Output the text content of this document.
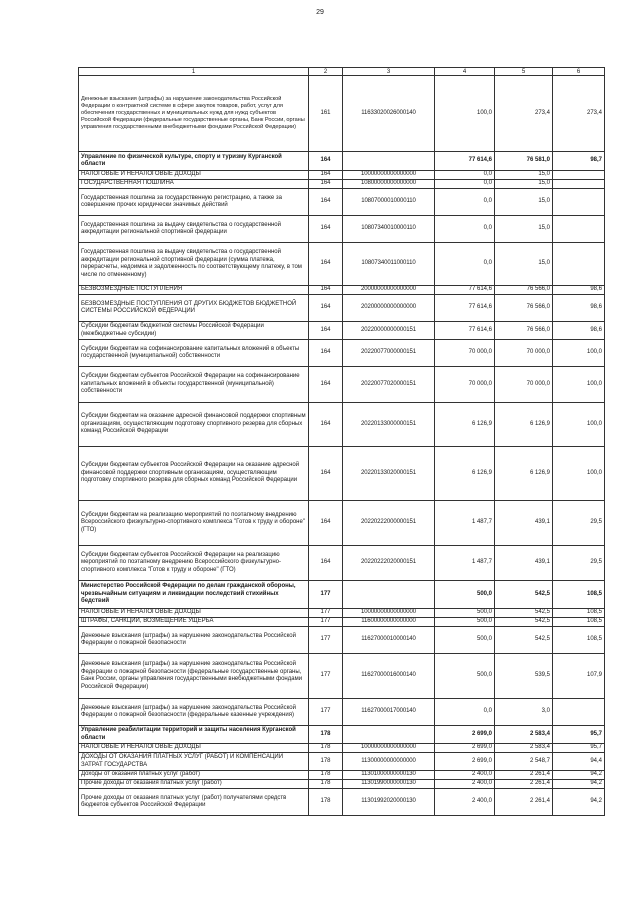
29
1	2	3	4	5	6
Денежные взыскания (штрафы) за нарушение законодательства Российской Федерации о контрактной системе в сфере закупок товаров, работ, услуг для обеспечения государственных и муниципальных нужд для нужд субъектов Российской Федерации (федеральные государственные органы, Банк России, органы управления государственными внебюджетными фондами Российской Федерации)	161	11633020026000140	100,0	273,4	273,4
Управление по физической культуре, спорту и туризму Курганской области	164		77 614,6	76 581,0	98,7
НАЛОГОВЫЕ И НЕНАЛОГОВЫЕ ДОХОДЫ	164	10000000000000000	0,0	15,0	
ГОСУДАРСТВЕННАЯ ПОШЛИНА	164	10800000000000000	0,0	15,0	
Государственная пошлина за государственную регистрацию, а также за совершение прочих юридически значимых действий	164	10807000010000110	0,0	15,0	
Государственная пошлина за выдачу свидетельства о государственной аккредитации региональной спортивной федерации	164	10807340010000110	0,0	15,0	
Государственная пошлина за выдачу свидетельства о государственной аккредитации региональной спортивной федерации (сумма платежа, перерасчеты, недоимка и задолженность по соответствующему платежу, в том числе по отмененному)	164	10807340011000110	0,0	15,0	
БЕЗВОЗМЕЗДНЫЕ ПОСТУПЛЕНИЯ	164	20000000000000000	77 614,6	76 566,0	98,6
БЕЗВОЗМЕЗДНЫЕ ПОСТУПЛЕНИЯ ОТ ДРУГИХ БЮДЖЕТОВ БЮДЖЕТНОЙ СИСТЕМЫ РОССИЙСКОЙ ФЕДЕРАЦИИ	164	20200000000000000	77 614,6	76 566,0	98,6
Субсидии бюджетам бюджетной системы Российской Федерации (межбюджетные субсидии)	164	20220000000000151	77 614,6	76 566,0	98,6
Субсидии бюджетам на софинансирование капитальных вложений в объекты государственной (муниципальной) собственности	164	20220077000000151	70 000,0	70 000,0	100,0
Субсидии бюджетам субъектов Российской Федерации на софинансирование капитальных вложений в объекты государственной (муниципальной) собственности	164	20220077020000151	70 000,0	70 000,0	100,0
Субсидии бюджетам на оказание адресной финансовой поддержки спортивным организациям, осуществляющим подготовку спортивного резерва для сборных команд Российской Федерации	164	20220133000000151	6 126,9	6 126,9	100,0
Субсидии бюджетам субъектов Российской Федерации на оказание адресной финансовой поддержки спортивным организациям, осуществляющим подготовку спортивного резерва для сборных команд Российской Федерации	164	20220133020000151	6 126,9	6 126,9	100,0
Субсидии бюджетам на реализацию мероприятий по поэтапному внедрению Всероссийского физкультурно-спортивного комплекса "Готов к труду и обороне" (ГТО)	164	20220222000000151	1 487,7	439,1	29,5
Субсидии бюджетам субъектов Российской Федерации на реализацию мероприятий по поэтапному внедрению Всероссийского физкультурно-спортивного комплекса "Готов к труду и обороне" (ГТО)	164	20220222020000151	1 487,7	439,1	29,5
Министерство Российской Федерации по делам гражданской обороны, чрезвычайным ситуациям и ликвидации последствий стихийных бедствий	177		500,0	542,5	108,5
НАЛОГОВЫЕ И НЕНАЛОГОВЫЕ ДОХОДЫ	177	10000000000000000	500,0	542,5	108,5
ШТРАФЫ, САНКЦИИ, ВОЗМЕЩЕНИЕ УЩЕРБА	177	11600000000000000	500,0	542,5	108,5
Денежные взыскания (штрафы) за нарушение законодательства Российской Федерации о пожарной безопасности	177	11627000010000140	500,0	542,5	108,5
Денежные взыскания (штрафы) за нарушение законодательства Российской Федерации о пожарной безопасности (федеральные государственные органы, Банк России, органы управления государственными внебюджетными фондами Российской Федерации)	177	11627000016000140	500,0	539,5	107,9
Денежные взыскания (штрафы) за нарушение законодательства Российской Федерации о пожарной безопасности (федеральные казенные учреждения)	177	11627000017000140	0,0	3,0	
Управление реабилитации территорий и защиты населения Курганской области	178		2 699,0	2 583,4	95,7
НАЛОГОВЫЕ И НЕНАЛОГОВЫЕ ДОХОДЫ	178	10000000000000000	2 699,0	2 583,4	95,7
ДОХОДЫ ОТ ОКАЗАНИЯ ПЛАТНЫХ УСЛУГ (РАБОТ) И КОМПЕНСАЦИИ ЗАТРАТ ГОСУДАРСТВА	178	11300000000000000	2 699,0	2 548,7	94,4
Доходы от оказания платных услуг (работ)	178	11301000000000130	2 400,0	2 261,4	94,2
Прочие доходы от оказания платных услуг (работ)	178	11301990000000130	2 400,0	2 261,4	94,2
Прочие доходы от оказания платных услуг (работ) получателями средств бюджетов субъектов Российской Федерации	178	11301992020000130	2 400,0	2 261,4	94,2
